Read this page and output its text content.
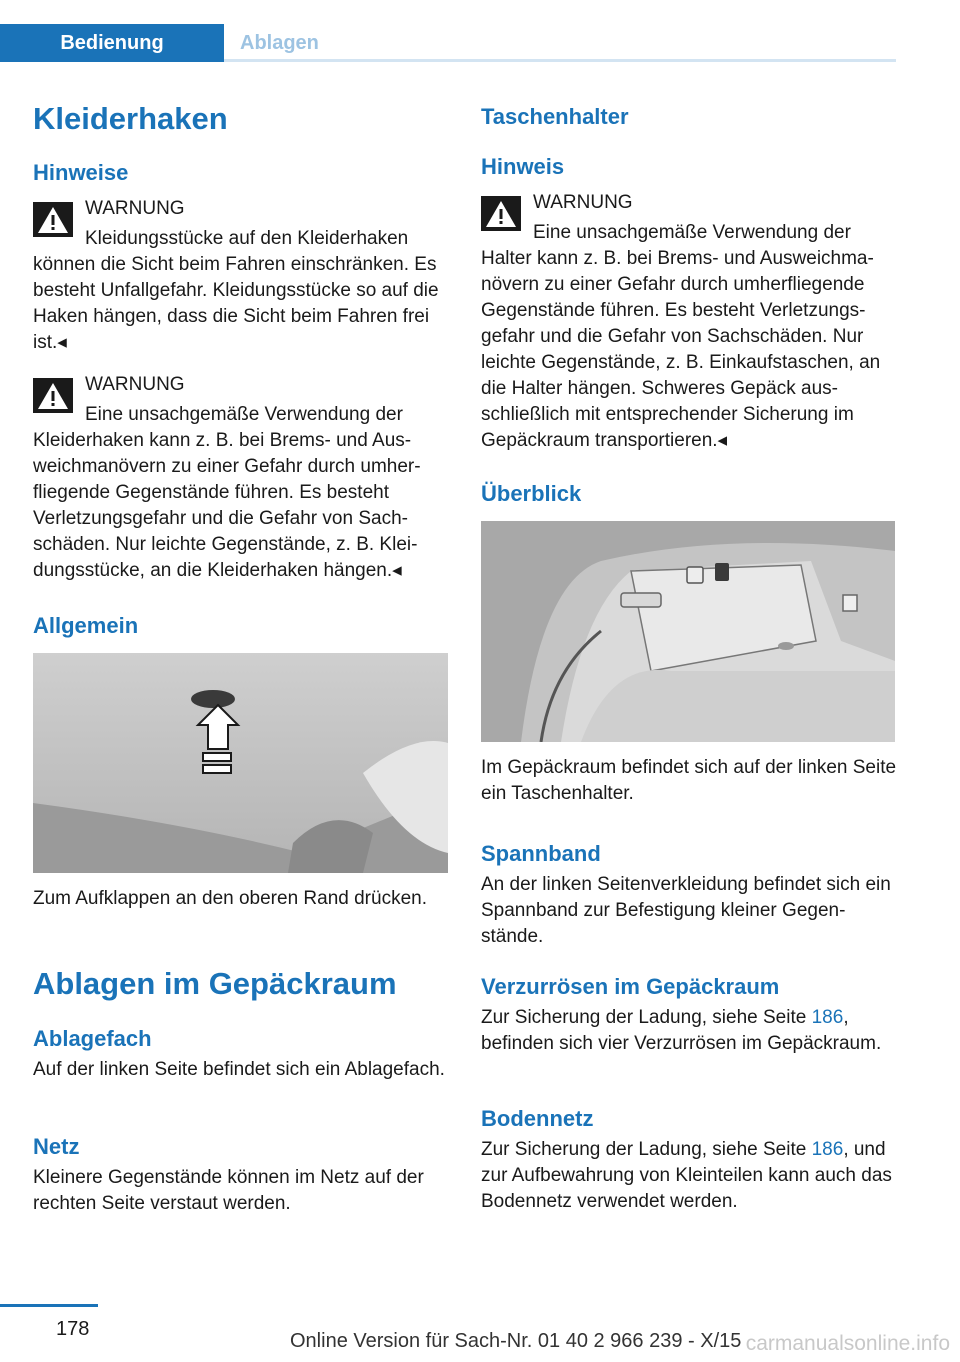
Bedienung	Ablagen
Kleiderhaken
Hinweise
WARNUNG
Kleidungsstücke auf den Kleiderhaken können die Sicht beim Fahren einschränken. Es besteht Unfallgefahr. Kleidungsstücke so auf die Haken hängen, dass die Sicht beim Fahren frei ist.◂
WARNUNG
Eine unsachgemäße Verwendung der Kleiderhaken kann z. B. bei Brems- und Ausweichmanövern zu einer Gefahr durch umherfliegende Gegenstände führen. Es besteht Verletzungsgefahr und die Gefahr von Sachschäden. Nur leichte Gegenstände, z. B. Kleidungsstücke, an die Kleiderhaken hängen.◂
Allgemein
Zum Aufklappen an den oberen Rand drücken.
Ablagen im Gepäckraum
Ablagefach
Auf der linken Seite befindet sich ein Ablagefach.
Netz
Kleinere Gegenstände können im Netz auf der rechten Seite verstaut werden.
Taschenhalter
Hinweis
WARNUNG
Eine unsachgemäße Verwendung der Halter kann z. B. bei Brems- und Ausweichmanövern zu einer Gefahr durch umherfliegende Gegenstände führen. Es besteht Verletzungsgefahr und die Gefahr von Sachschäden. Nur leichte Gegenstände, z. B. Einkaufstaschen, an die Halter hängen. Schweres Gepäck ausschließlich mit entsprechender Sicherung im Gepäckraum transportieren.◂
Überblick
Im Gepäckraum befindet sich auf der linken Seite ein Taschenhalter.
Spannband
An der linken Seitenverkleidung befindet sich ein Spannband zur Befestigung kleiner Gegenstände.
Verzurrösen im Gepäckraum
Zur Sicherung der Ladung, siehe Seite 186, befinden sich vier Verzurrösen im Gepäckraum.
Bodennetz
Zur Sicherung der Ladung, siehe Seite 186, und zur Aufbewahrung von Kleinteilen kann auch das Bodennetz verwendet werden.
178
Online Version für Sach-Nr. 01 40 2 966 239 - X/15 carmanualsonline.info
